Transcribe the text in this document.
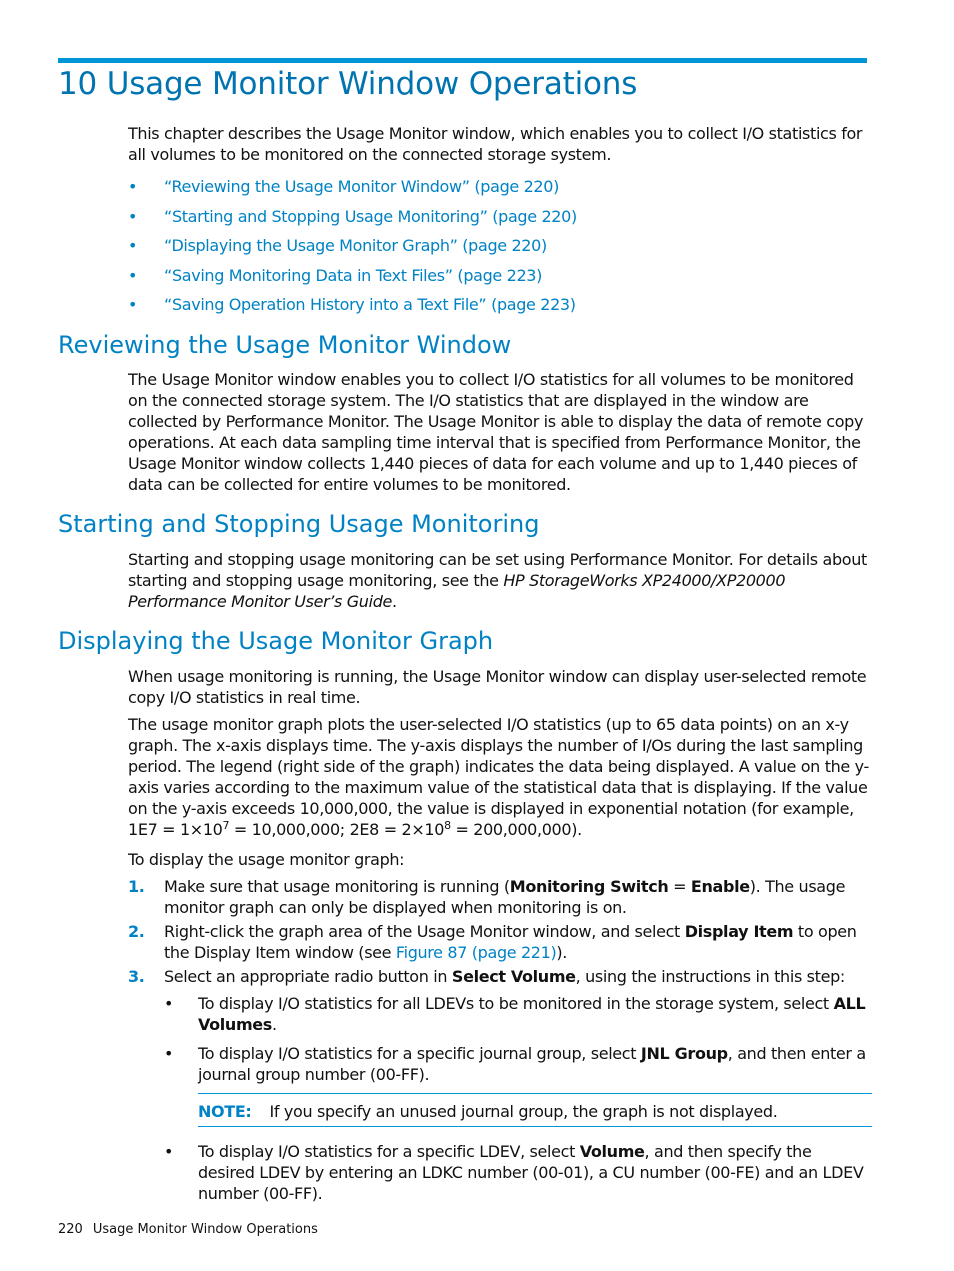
10 Usage Monitor Window Operations

This chapter describes the Usage Monitor window, which enables you to collect I/O statistics for all volumes to be monitored on the connected storage system.

• “Reviewing the Usage Monitor Window” (page 220)
• “Starting and Stopping Usage Monitoring” (page 220)
• “Displaying the Usage Monitor Graph” (page 220)
• “Saving Monitoring Data in Text Files” (page 223)
• “Saving Operation History into a Text File” (page 223)
Reviewing the Usage Monitor Window

The Usage Monitor window enables you to collect I/O statistics for all volumes to be monitored on the connected storage system. The I/O statistics that are displayed in the window are collected by Performance Monitor. The Usage Monitor is able to display the data of remote copy operations. At each data sampling time interval that is specified from Performance Monitor, the Usage Monitor window collects 1,440 pieces of data for each volume and up to 1,440 pieces of data can be collected for entire volumes to be monitored.

Starting and Stopping Usage Monitoring

Starting and stopping usage monitoring can be set using Performance Monitor. For details about starting and stopping usage monitoring, see the HP StorageWorks XP24000/XP20000 Performance Monitor User’s Guide.

Displaying the Usage Monitor Graph

When usage monitoring is running, the Usage Monitor window can display user-selected remote copy I/O statistics in real time.

The usage monitor graph plots the user-selected I/O statistics (up to 65 data points) on an x-y graph. The x-axis displays time. The y-axis displays the number of I/Os during the last sampling period. The legend (right side of the graph) indicates the data being displayed. A value on the y-axis varies according to the maximum value of the statistical data that is displaying. If the value on the y-axis exceeds 10,000,000, the value is displayed in exponential notation (for example, $1E7 = 1\times 10^7 = 10,000,000$; $2E8 = 2\times 10^8 = 200,000,000$).

To display the usage monitor graph:

1. Make sure that usage monitoring is running (Monitoring Switch = Enable). The usage monitor graph can only be displayed when monitoring is on.
2. Right-click the graph area of the Usage Monitor window, and select Display Item to open the Display Item window (see Figure 87 (page 221)).
3. Select an appropriate radio button in Select Volume, using the instructions in this step:
• To display I/O statistics for all LDEVs to be monitored in the storage system, select ALL Volumes.
• To display I/O statistics for a specific journal group, select JNL Group, and then enter a journal group number (00-FF).
NOTE: If you specify an unused journal group, the graph is not displayed.
• To display I/O statistics for a specific LDEV, select Volume, and then specify the desired LDEV by entering an LDKC number (00-01), a CU number (00-FE) and an LDEV number (00-FF).
220 Usage Monitor Window Operations
